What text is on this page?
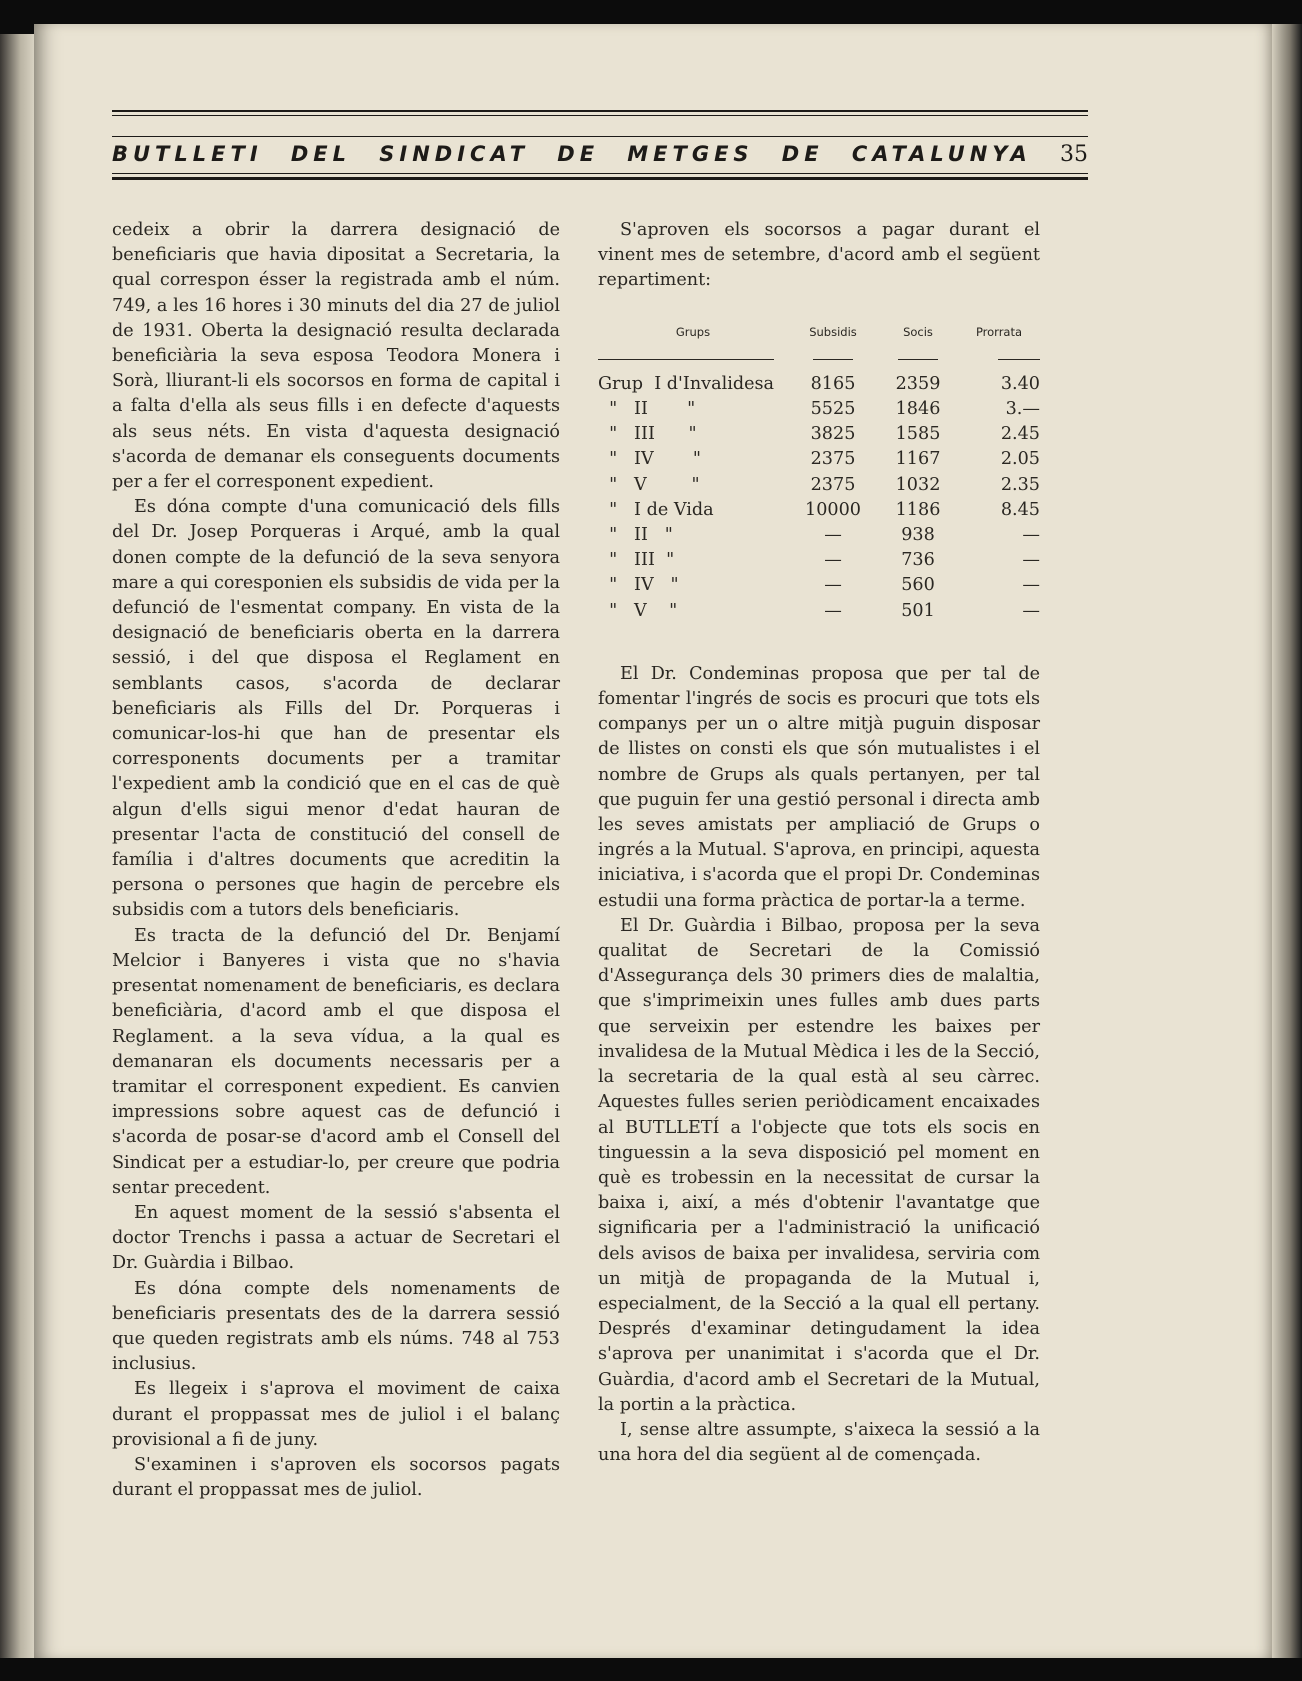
BUTLLETI DEL SINDICAT DE METGES DE CATALUNYA 35

cedeix a obrir la darrera designació de beneficiaris que havia dipositat a Secretaria, la qual correspon ésser la registrada amb el núm. 749, a les 16 hores i 30 minuts del dia 27 de juliol de 1931. Oberta la designació resulta declarada beneficiària la seva esposa Teodora Monera i Sorà, lliurant-li els socorsos en forma de capital i a falta d'ella als seus fills i en defecte d'aquests als seus néts. En vista d'aquesta designació s'acorda de demanar els conseguents documents per a fer el corresponent expedient.

Es dóna compte d'una comunicació dels fills del Dr. Josep Porqueras i Arqué, amb la qual donen compte de la defunció de la seva senyora mare a qui coresponien els subsidis de vida per la defunció de l'esmentat company. En vista de la designació de beneficiaris oberta en la darrera sessió, i del que disposa el Reglament en semblants casos, s'acorda de declarar beneficiaris als Fills del Dr. Porqueras i comunicar-los-hi que han de presentar els corresponents documents per a tramitar l'expedient amb la condició que en el cas de què algun d'ells sigui menor d'edat hauran de presentar l'acta de constitució del consell de família i d'altres documents que acreditin la persona o persones que hagin de percebre els subsidis com a tutors dels beneficiaris.

Es tracta de la defunció del Dr. Benjamí Melcior i Banyeres i vista que no s'havia presentat nomenament de beneficiaris, es declara beneficiària, d'acord amb el que disposa el Reglament. a la seva vídua, a la qual es demanaran els documents necessaris per a tramitar el corresponent expedient. Es canvien impressions sobre aquest cas de defunció i s'acorda de posar-se d'acord amb el Consell del Sindicat per a estudiar-lo, per creure que podria sentar precedent.

En aquest moment de la sessió s'absenta el doctor Trenchs i passa a actuar de Secretari el Dr. Guàrdia i Bilbao.

Es dóna compte dels nomenaments de beneficiaris presentats des de la darrera sessió que queden registrats amb els núms. 748 al 753 inclusius.

Es llegeix i s'aprova el moviment de caixa durant el proppassat mes de juliol i el balanç provisional a fi de juny.

S'examinen i s'aproven els socorsos pagats durant el proppassat mes de juliol.

S'aproven els socorsos a pagar durant el vinent mes de setembre, d'acord amb el següent repartiment:

Grups	Subsidis	Socis	Prorrata

Grup  I d'Invalidesa	8165	2359	3.40
"   II       "	5525	1846	3.—
"   III      "	3825	1585	2.45
"   IV       "	2375	1167	2.05
"   V        "	2375	1032	2.35
"   I de Vida	10000	1186	8.45
"   II   "	—	938	—
"   III  "	—	736	—
"   IV   "	—	560	—
"   V    "	—	501	—

El Dr. Condeminas proposa que per tal de fomentar l'ingrés de socis es procuri que tots els companys per un o altre mitjà puguin disposar de llistes on consti els que són mutualistes i el nombre de Grups als quals pertanyen, per tal que puguin fer una gestió personal i directa amb les seves amistats per ampliació de Grups o ingrés a la Mutual. S'aprova, en principi, aquesta iniciativa, i s'acorda que el propi Dr. Condeminas estudii una forma pràctica de portar-la a terme.

El Dr. Guàrdia i Bilbao, proposa per la seva qualitat de Secretari de la Comissió d'Assegurança dels 30 primers dies de malaltia, que s'imprimeixin unes fulles amb dues parts que serveixin per estendre les baixes per invalidesa de la Mutual Mèdica i les de la Secció, la secretaria de la qual està al seu càrrec. Aquestes fulles serien periòdicament encaixades al BUTLLETÍ a l'objecte que tots els socis en tinguessin a la seva disposició pel moment en què es trobessin en la necessitat de cursar la baixa i, així, a més d'obtenir l'avantatge que significaria per a l'administració la unificació dels avisos de baixa per invalidesa, serviria com un mitjà de propaganda de la Mutual i, especialment, de la Secció a la qual ell pertany. Després d'examinar detingudament la idea s'aprova per unanimitat i s'acorda que el Dr. Guàrdia, d'acord amb el Secretari de la Mutual, la portin a la pràctica.

I, sense altre assumpte, s'aixeca la sessió a la una hora del dia següent al de començada.
